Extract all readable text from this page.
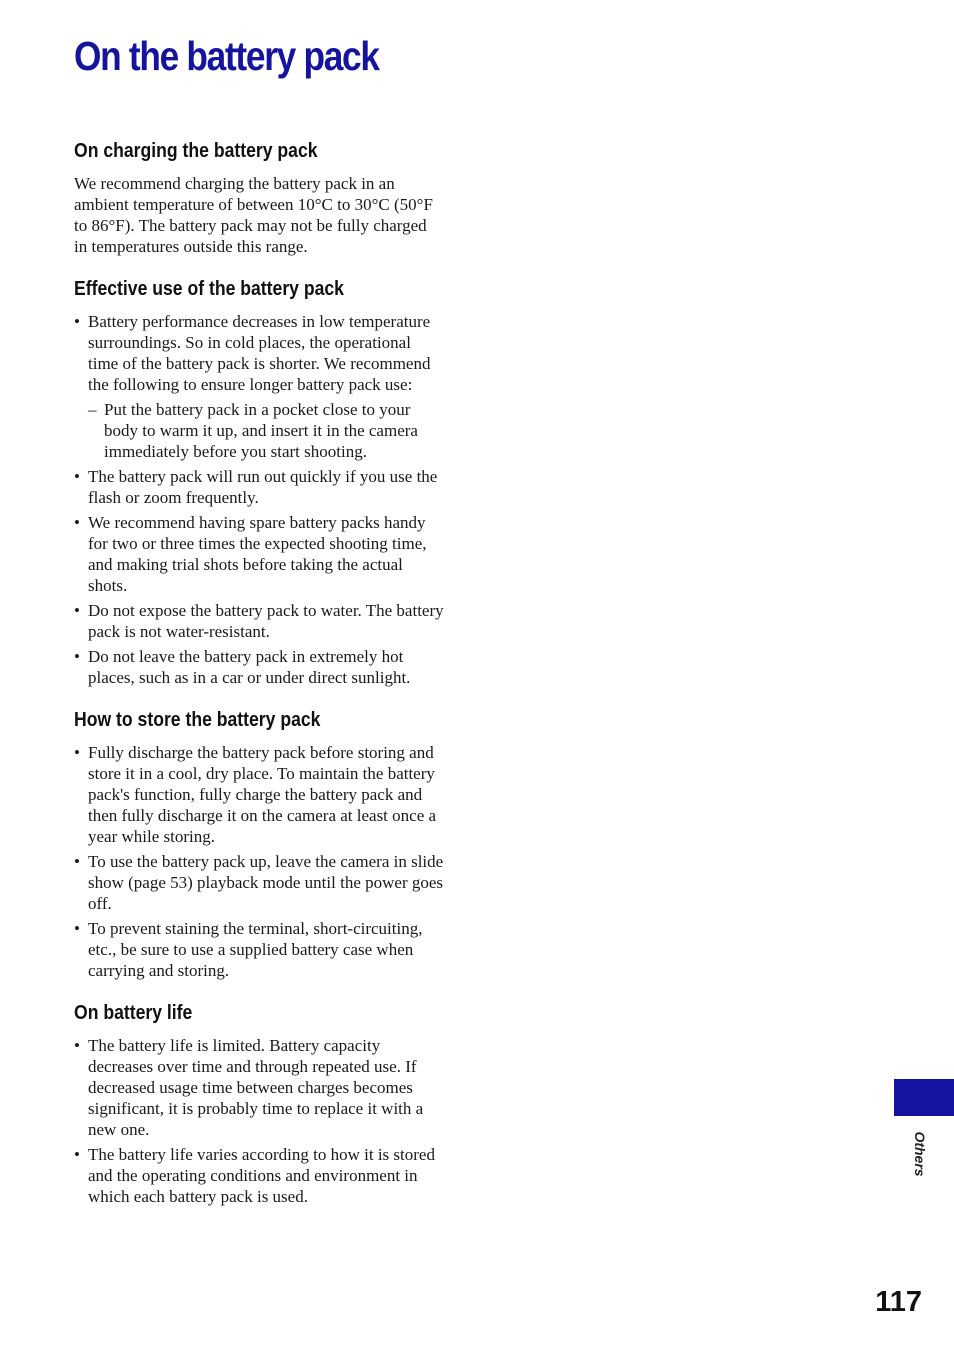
On the battery pack
On charging the battery pack

We recommend charging the battery pack in an ambient temperature of between 10°C to 30°C (50°F to 86°F). The battery pack may not be fully charged in temperatures outside this range.

Effective use of the battery pack
• Battery performance decreases in low temperature surroundings. So in cold places, the operational time of the battery pack is shorter. We recommend the following to ensure longer battery pack use:
– Put the battery pack in a pocket close to your body to warm it up, and insert it in the camera immediately before you start shooting.
• The battery pack will run out quickly if you use the flash or zoom frequently.
• We recommend having spare battery packs handy for two or three times the expected shooting time, and making trial shots before taking the actual shots.
• Do not expose the battery pack to water. The battery pack is not water-resistant.
• Do not leave the battery pack in extremely hot places, such as in a car or under direct sunlight.
How to store the battery pack
• Fully discharge the battery pack before storing and store it in a cool, dry place. To maintain the battery pack's function, fully charge the battery pack and then fully discharge it on the camera at least once a year while storing.
• To use the battery pack up, leave the camera in slide show (page 53) playback mode until the power goes off.
• To prevent staining the terminal, short-circuiting, etc., be sure to use a supplied battery case when carrying and storing.
On battery life
• The battery life is limited. Battery capacity decreases over time and through repeated use. If decreased usage time between charges becomes significant, it is probably time to replace it with a new one.
• The battery life varies according to how it is stored and the operating conditions and environment in which each battery pack is used.
Others
117
